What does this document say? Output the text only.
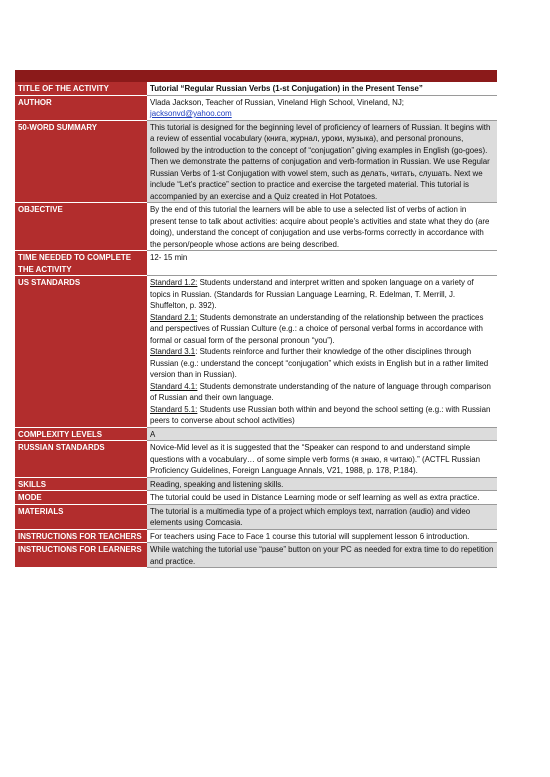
TITLE OF THE ACTIVITY	Tutorial “Regular Russian Verbs (1-st Conjugation) in the Present Tense”
AUTHOR	Vlada Jackson, Teacher of Russian, Vineland High School, Vineland, NJ;
jacksonvd@yahoo.com
50-WORD SUMMARY	This tutorial is designed for the beginning level of proficiency of learners of Russian. It begins with a review of essential vocabulary (книга, журнал, уроки, музыка), and personal pronouns, followed by the introduction to the concept of “conjugation” giving examples in English (go-goes). Then we demonstrate the patterns of conjugation and verb-formation in Russian. We use Regular Russian Verbs of 1-st Conjugation with vowel stem, such as делать, читать, слушать. Next we include “Let’s practice” section to practice and exercise the targeted material. This tutorial is accompanied by an exercise and a Quiz created in Hot Potatoes.
OBJECTIVE	By the end of this tutorial the learners will be able to use a selected list of verbs of action in present tense to talk about activities: acquire about people’s activities and state what they do (are doing), understand the concept of conjugation and use verbs-forms correctly in accordance with the person/people whose actions are being described.
TIME NEEDED TO COMPLETE THE ACTIVITY	12- 15 min
US STANDARDS	Standard 1.2: Students understand and interpret written and spoken language on a variety of topics in Russian. (Standards for Russian Language Learning, R. Edelman, T. Merrill, J. Shuffelton, p. 392).
Standard 2.1: Students demonstrate an understanding of the relationship between the practices and perspectives of Russian Culture (e.g.: a choice of personal verbal forms in accordance with formal or casual form of the personal pronoun “you”).
Standard 3.1: Students reinforce and further their knowledge of the other disciplines through Russian (e.g.: understand the concept “conjugation” which exists in English but in a rather limited version than in Russian).
Standard 4.1: Students demonstrate understanding of the nature of language through comparison of Russian and their own language.
Standard 5.1: Students use Russian both within and beyond the school setting (e.g.: with Russian peers to converse about school activities)

COMPLEXITY LEVELS	A
RUSSIAN STANDARDS	Novice-Mid level as it is suggested that the “Speaker can respond to and understand simple questions with a vocabulary… of some simple verb forms (я знаю, я читаю).” (ACTFL Russian Proficiency Guidelines, Foreign Language Annals, V21, 1988, p. 178, P.184).
SKILLS	Reading, speaking and listening skills.
MODE	The tutorial could be used in Distance Learning mode or self learning as well as extra practice.
MATERIALS	The tutorial is a multimedia type of a project which employs text, narration (audio) and video elements using Comcasia.
INSTRUCTIONS FOR TEACHERS	For teachers using Face to Face 1 course this tutorial will supplement lesson 6 introduction.
INSTRUCTIONS FOR LEARNERS	While watching the tutorial use “pause” button on your PC as needed for extra time to do repetition and practice.
